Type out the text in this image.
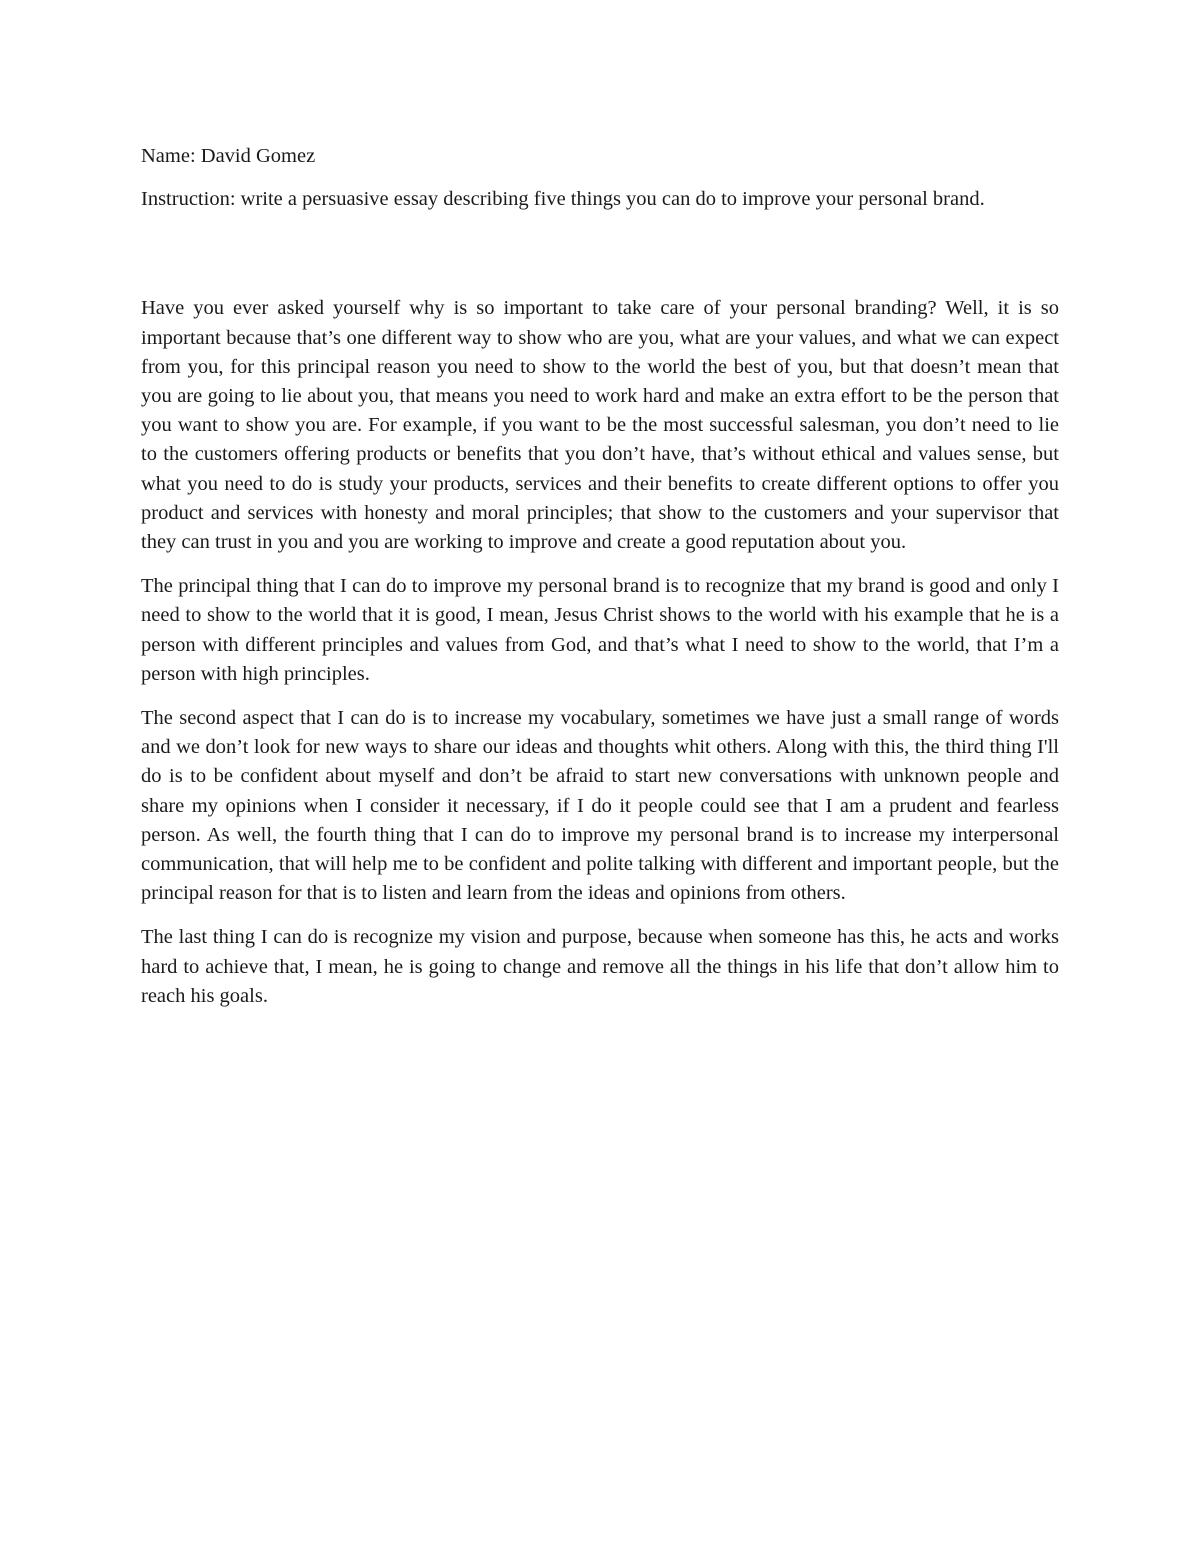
Name: David Gomez

Instruction: write a persuasive essay describing five things you can do to improve your personal brand.

Have you ever asked yourself why is so important to take care of your personal branding? Well, it is so important because that’s one different way to show who are you, what are your values, and what we can expect from you, for this principal reason you need to show to the world the best of you, but that doesn’t mean that you are going to lie about you, that means you need to work hard and make an extra effort to be the person that you want to show you are. For example, if you want to be the most successful salesman, you don’t need to lie to the customers offering products or benefits that you don’t have, that’s without ethical and values sense, but what you need to do is study your products, services and their benefits to create different options to offer you product and services with honesty and moral principles; that show to the customers and your supervisor that they can trust in you and you are working to improve and create a good reputation about you.

The principal thing that I can do to improve my personal brand is to recognize that my brand is good and only I need to show to the world that it is good, I mean, Jesus Christ shows to the world with his example that he is a person with different principles and values from God, and that’s what I need to show to the world, that I’m a person with high principles.

The second aspect that I can do is to increase my vocabulary, sometimes we have just a small range of words and we don’t look for new ways to share our ideas and thoughts whit others. Along with this, the third thing I'll do is to be confident about myself and don’t be afraid to start new conversations with unknown people and share my opinions when I consider it necessary, if I do it people could see that I am a prudent and fearless person. As well, the fourth thing that I can do to improve my personal brand is to increase my interpersonal communication, that will help me to be confident and polite talking with different and important people, but the principal reason for that is to listen and learn from the ideas and opinions from others.

The last thing I can do is recognize my vision and purpose, because when someone has this, he acts and works hard to achieve that, I mean, he is going to change and remove all the things in his life that don’t allow him to reach his goals.
